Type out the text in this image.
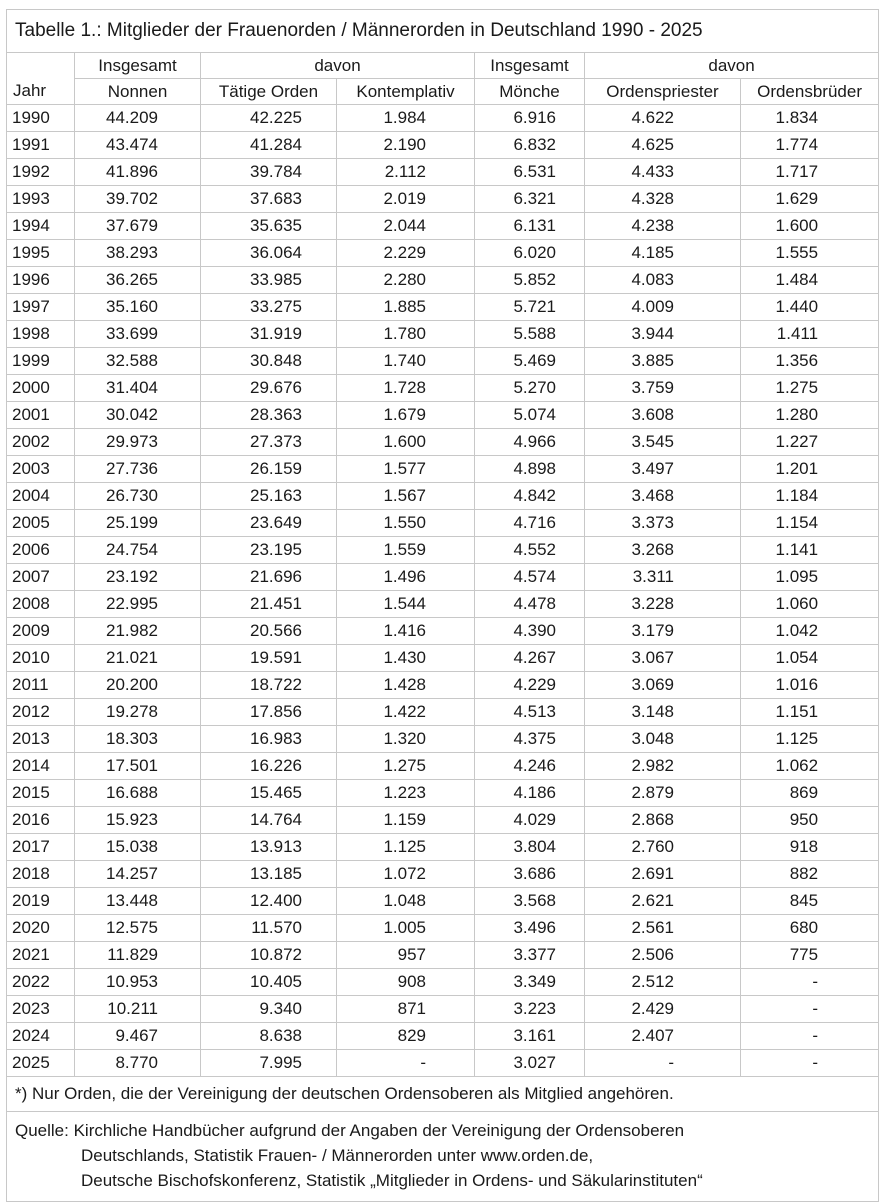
Tabelle 1.: Mitglieder der Frauenorden / Männerorden in Deutschland 1990 - 2025						
Jahr	Insgesamt	davon		Insgesamt	davon	
	Nonnen	Tätige Orden	Kontemplativ	Mönche	Ordenspriester	Ordensbrüder
1990	44.209	42.225	1.984	6.916	4.622	1.834
1991	43.474	41.284	2.190	6.832	4.625	1.774
1992	41.896	39.784	2.112	6.531	4.433	1.717
1993	39.702	37.683	2.019	6.321	4.328	1.629
1994	37.679	35.635	2.044	6.131	4.238	1.600
1995	38.293	36.064	2.229	6.020	4.185	1.555
1996	36.265	33.985	2.280	5.852	4.083	1.484
1997	35.160	33.275	1.885	5.721	4.009	1.440
1998	33.699	31.919	1.780	5.588	3.944	1.411
1999	32.588	30.848	1.740	5.469	3.885	1.356
2000	31.404	29.676	1.728	5.270	3.759	1.275
2001	30.042	28.363	1.679	5.074	3.608	1.280
2002	29.973	27.373	1.600	4.966	3.545	1.227
2003	27.736	26.159	1.577	4.898	3.497	1.201
2004	26.730	25.163	1.567	4.842	3.468	1.184
2005	25.199	23.649	1.550	4.716	3.373	1.154
2006	24.754	23.195	1.559	4.552	3.268	1.141
2007	23.192	21.696	1.496	4.574	3.311	1.095
2008	22.995	21.451	1.544	4.478	3.228	1.060
2009	21.982	20.566	1.416	4.390	3.179	1.042
2010	21.021	19.591	1.430	4.267	3.067	1.054
2011	20.200	18.722	1.428	4.229	3.069	1.016
2012	19.278	17.856	1.422	4.513	3.148	1.151
2013	18.303	16.983	1.320	4.375	3.048	1.125
2014	17.501	16.226	1.275	4.246	2.982	1.062
2015	16.688	15.465	1.223	4.186	2.879	869
2016	15.923	14.764	1.159	4.029	2.868	950
2017	15.038	13.913	1.125	3.804	2.760	918
2018	14.257	13.185	1.072	3.686	2.691	882
2019	13.448	12.400	1.048	3.568	2.621	845
2020	12.575	11.570	1.005	3.496	2.561	680
2021	11.829	10.872	957	3.377	2.506	775
2022	10.953	10.405	908	3.349	2.512	-
2023	10.211	9.340	871	3.223	2.429	-
2024	9.467	8.638	829	3.161	2.407	-
2025	8.770	7.995	-	3.027	-	-
*) Nur Orden, die der Vereinigung der deutschen Ordensoberen als Mitglied angehören.						

Quelle: Kirchliche Handbücher aufgrund der Angaben der Vereinigung der Ordensoberen
Deutschlands, Statistik Frauen- / Männerorden unter www.orden.de,
Deutsche Bischofskonferenz, Statistik „Mitglieder in Ordens- und Säkularinstituten“						
